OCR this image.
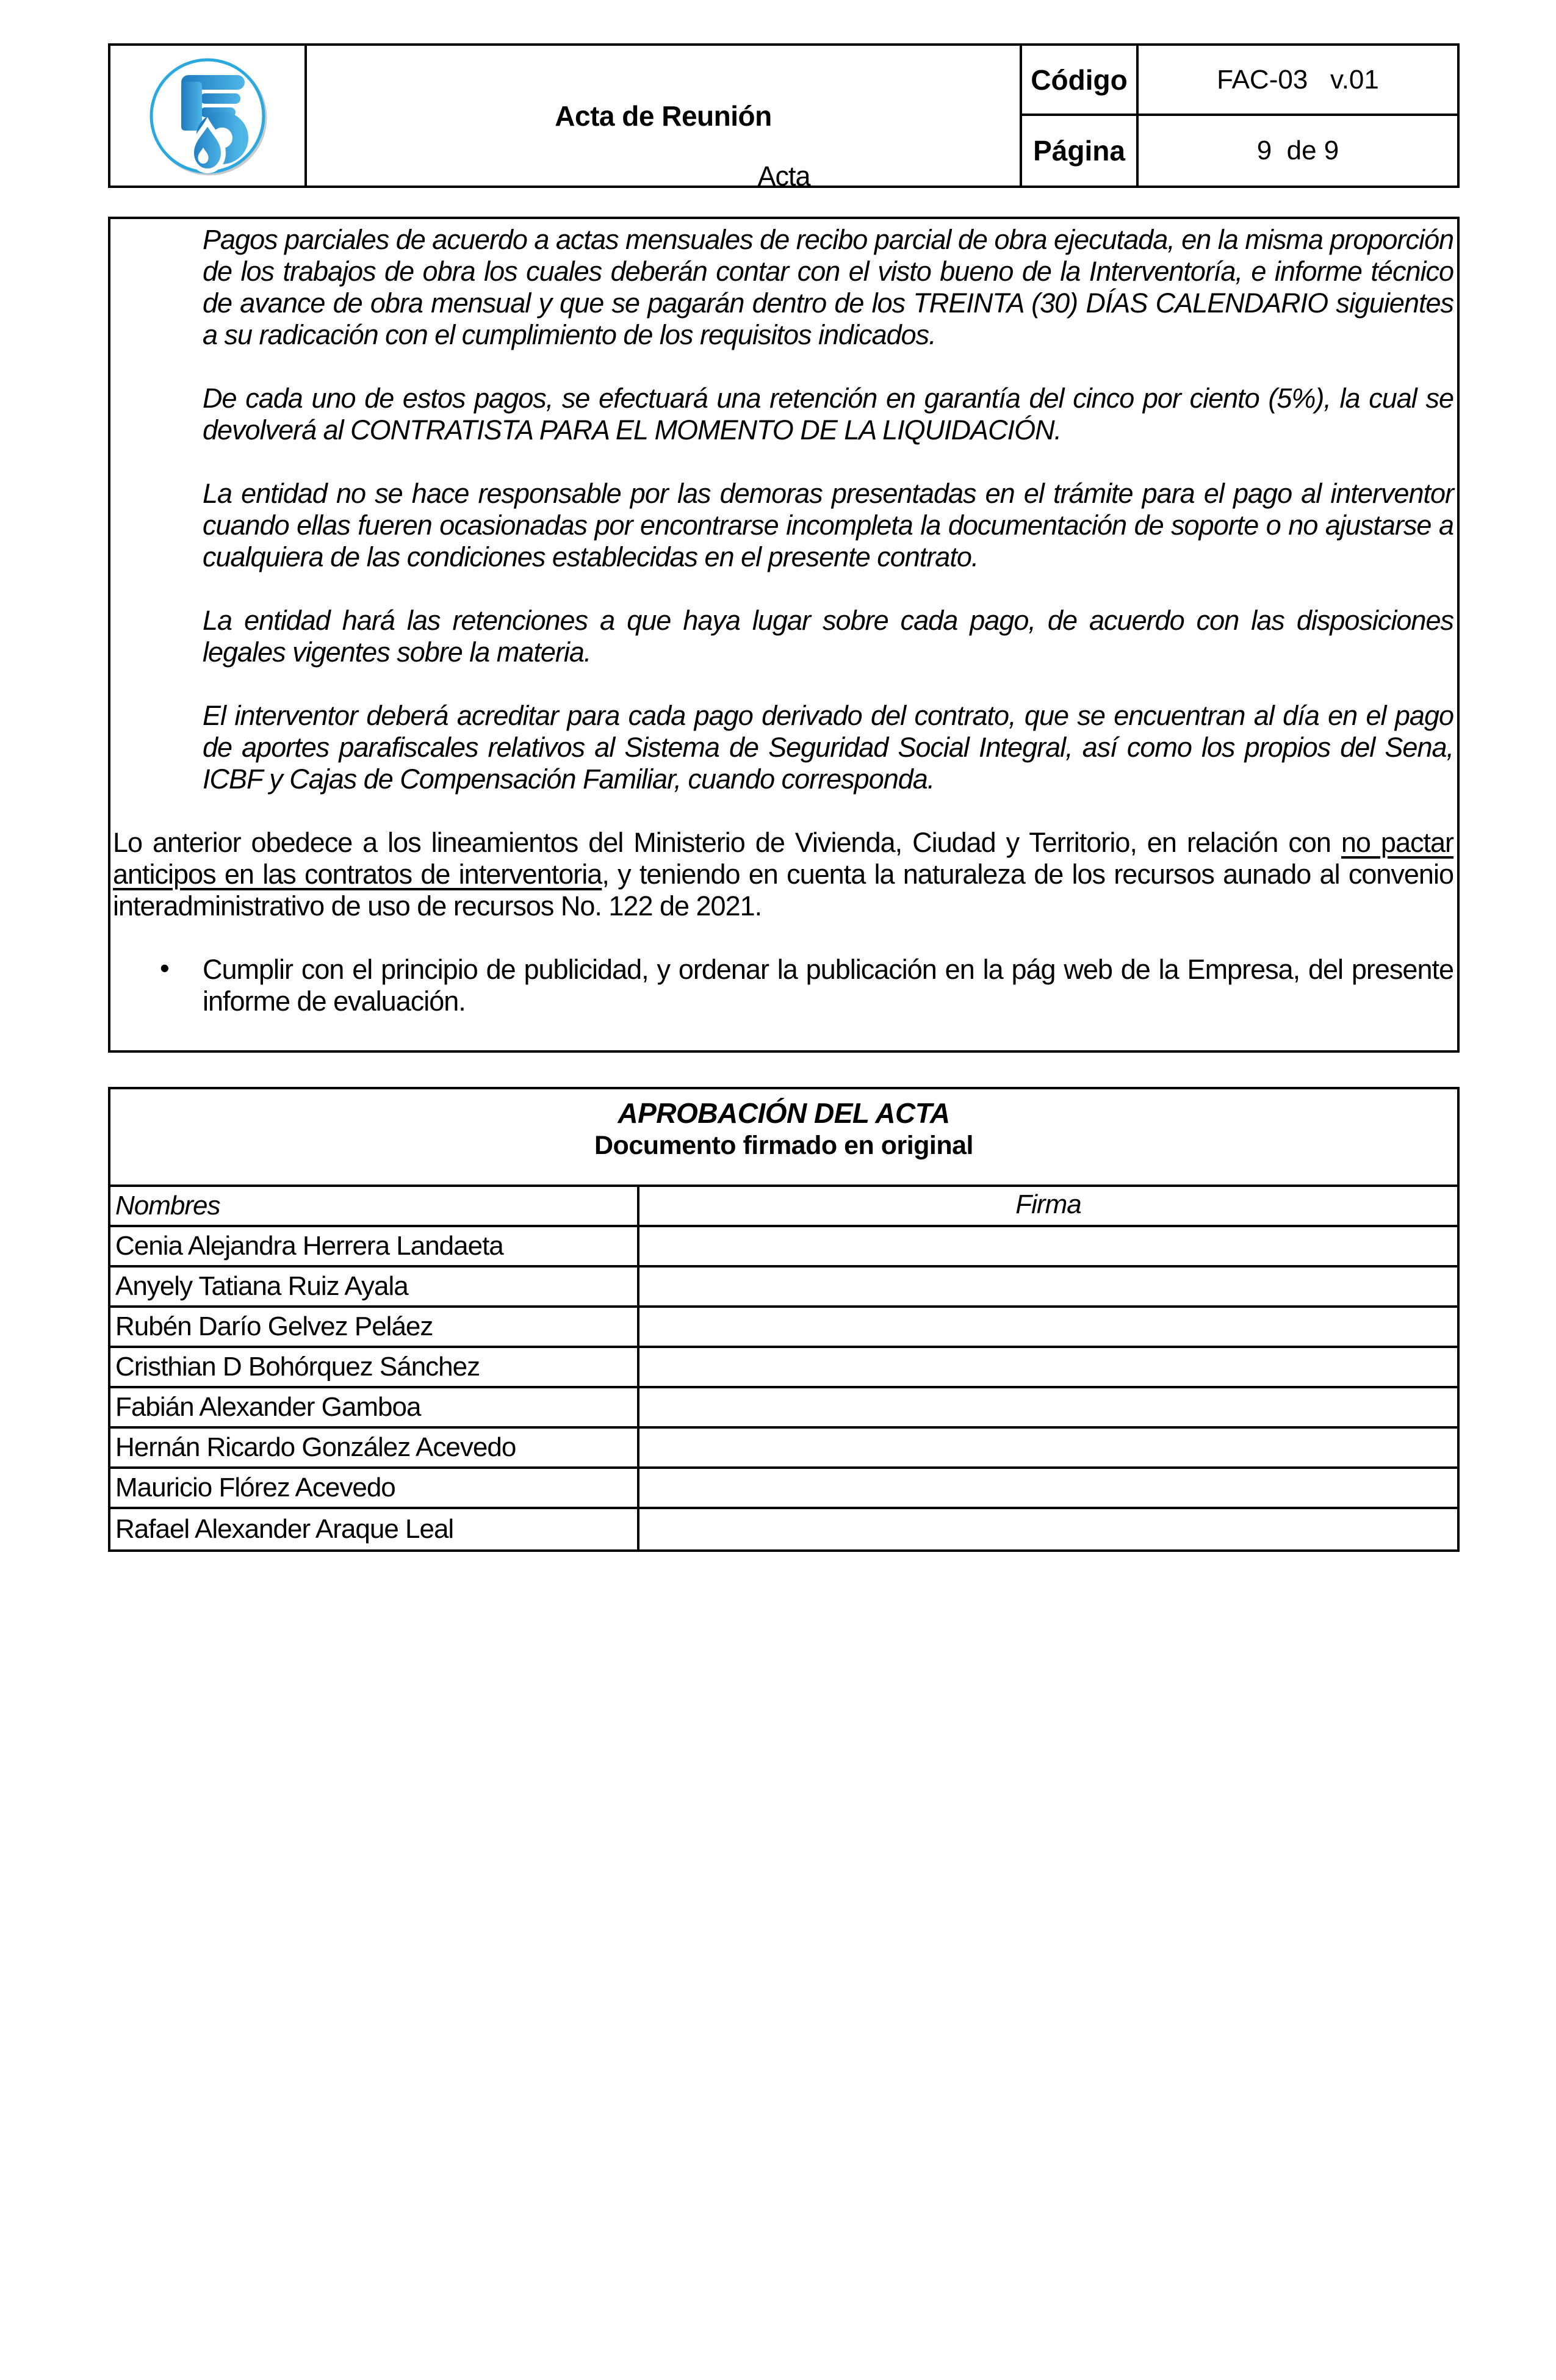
Acta
Acta de Reunión
Código	FAC-03   v.01
Página	9  de 9

Pagos parciales de acuerdo a actas mensuales de recibo parcial de obra ejecutada, en la misma proporción de los trabajos de obra los cuales deberán contar con el visto bueno de la Interventoría, e informe técnico de avance de obra mensual y que se pagarán dentro de los TREINTA (30) DÍAS CALENDARIO siguientes a su radicación con el cumplimiento de los requisitos indicados.

De cada uno de estos pagos, se efectuará una retención en garantía del cinco por ciento (5%), la cual se devolverá al CONTRATISTA PARA EL MOMENTO DE LA LIQUIDACIÓN.

La entidad no se hace responsable por las demoras presentadas en el trámite para el pago al interventor cuando ellas fueren ocasionadas por encontrarse incompleta la documentación de soporte o no ajustarse a cualquiera de las condiciones establecidas en el presente contrato.

La entidad hará las retenciones a que haya lugar sobre cada pago, de acuerdo con las disposiciones legales vigentes sobre la materia.

El interventor deberá acreditar para cada pago derivado del contrato, que se encuentran al día en el pago de aportes parafiscales relativos al Sistema de Seguridad Social Integral, así como los propios del Sena, ICBF y Cajas de Compensación Familiar, cuando corresponda.

Lo anterior obedece a los lineamientos del Ministerio de Vivienda, Ciudad y Territorio, en relación con no pactar anticipos en las contratos de interventoria, y teniendo en cuenta la naturaleza de los recursos aunado al convenio interadministrativo de uso de recursos No. 122 de 2021.

• Cumplir con el principio de publicidad, y ordenar la publicación en la pág web de la Empresa, del presente informe de evaluación.
APROBACIÓN DEL ACTA
Documento firmado en original
Nombres	Firma
Cenia Alejandra Herrera Landaeta
Anyely Tatiana Ruiz Ayala
Rubén Darío Gelvez Peláez
Cristhian D Bohórquez Sánchez
Fabián Alexander Gamboa
Hernán Ricardo González Acevedo
Mauricio Flórez Acevedo
Rafael Alexander Araque Leal
